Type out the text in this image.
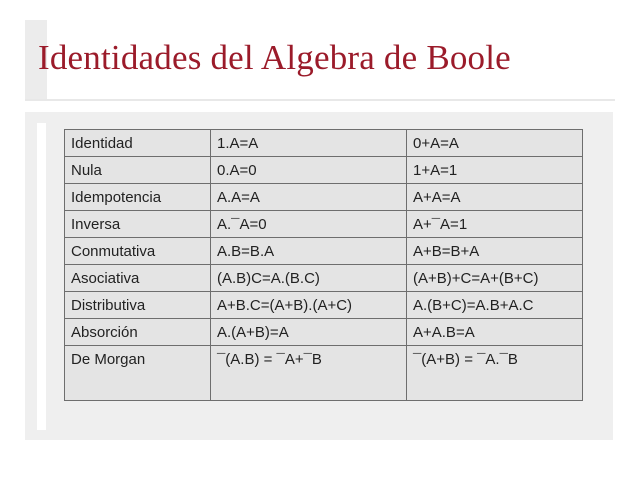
Identidades del Algebra de Boole
Identidad	1.A=A	0+A=A
Nula	0.A=0	1+A=1
Idempotencia	A.A=A	A+A=A
Inversa	A.¯A=0	A+¯A=1
Conmutativa	A.B=B.A	A+B=B+A
Asociativa	(A.B)C=A.(B.C)	(A+B)+C=A+(B+C)
Distributiva	A+B.C=(A+B).(A+C)	A.(B+C)=A.B+A.C
Absorción	A.(A+B)=A	A+A.B=A
De Morgan	¯(A.B) = ¯A+¯B	¯(A+B) = ¯A.¯B
